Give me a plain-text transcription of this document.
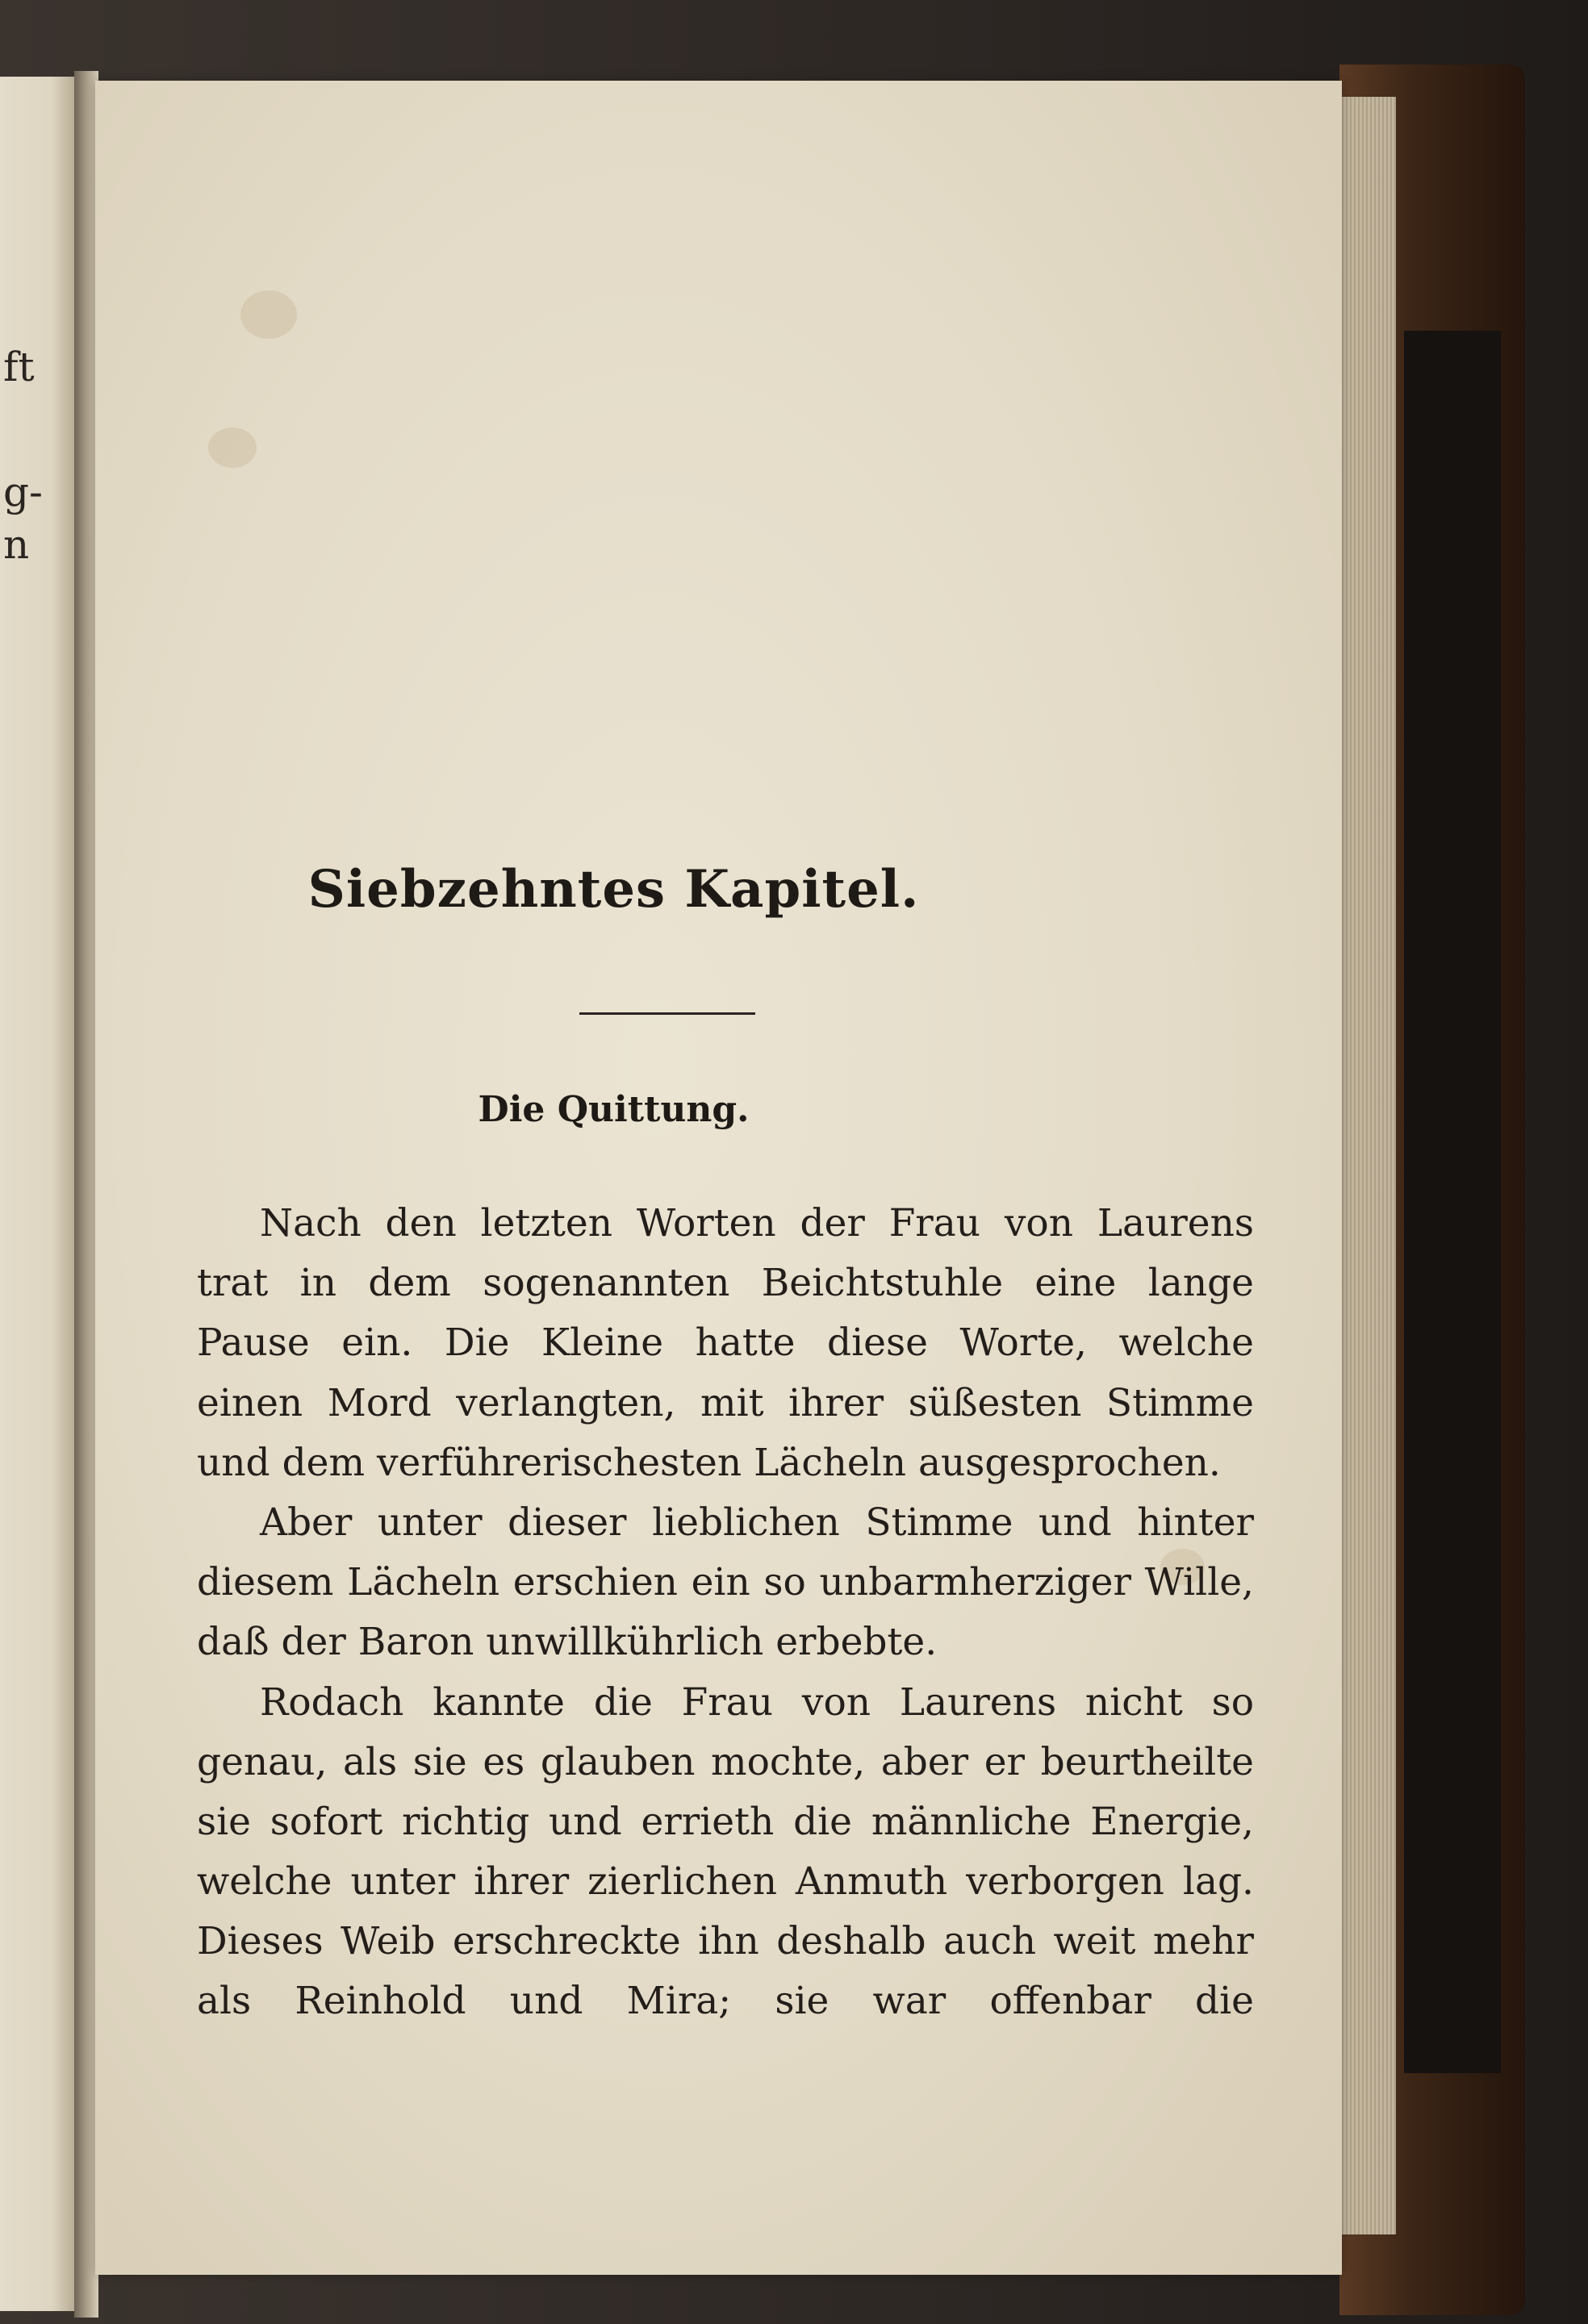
ft
g‑
n
Siebzehntes Kapitel.
Die Quittung.
Nach den letzten Worten der Frau von Laurens
trat in dem sogenannten Beichtstuhle eine lange
Pause ein. Die Kleine hatte diese Worte, welche
einen Mord verlangten, mit ihrer süßesten Stimme
und dem verführerischesten Lächeln ausgesprochen.
Aber unter dieser lieblichen Stimme und hinter
diesem Lächeln erschien ein so unbarmherziger Wille,
daß der Baron unwillkührlich erbebte.
Rodach kannte die Frau von Laurens nicht so
genau, als sie es glauben mochte, aber er beurtheilte
sie sofort richtig und errieth die männliche Energie,
welche unter ihrer zierlichen Anmuth verborgen lag.
Dieses Weib erschreckte ihn deshalb auch weit mehr
als Reinhold und Mira; sie war offenbar die
